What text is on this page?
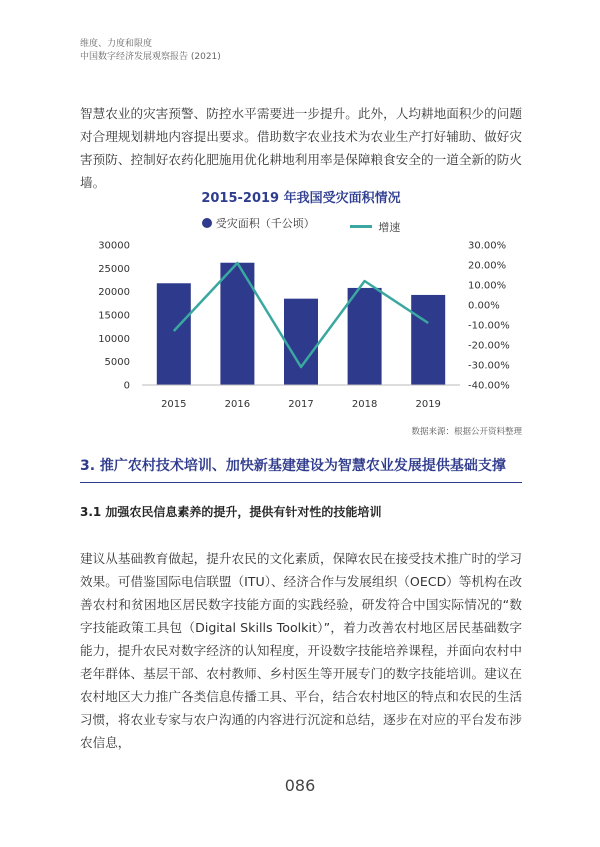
维度、力度和限度
中国数字经济发展观察报告 (2021)
智慧农业的灾害预警、防控水平需要进一步提升。此外，人均耕地面积少的问题对合理规划耕地内容提出要求。借助数字农业技术为农业生产打好辅助、做好灾害预防、控制好农药化肥施用优化耕地利用率是保障粮食安全的一道全新的防火墙。
0
5000
10000
15000
20000
25000
30000
-40.00%
-30.00%
-20.00%
-10.00%
0.00%
10.00%
20.00%
30.00%
2015	2016	2017	2018	2019
2015-2019 年我国受灾面积情况
受灾面积（千公顷）
	增速
数据来源：根据公开资料整理
3. 推广农村技术培训、加快新基建建设为智慧农业发展提供基础支撑
3.1 加强农民信息素养的提升，提供有针对性的技能培训
建议从基础教育做起，提升农民的文化素质，保障农民在接受技术推广时的学习效果。可借鉴国际电信联盟（ITU）、经济合作与发展组织（OECD）等机构在改善农村和贫困地区居民数字技能方面的实践经验，研发符合中国实际情况的“数字技能政策工具包（Digital Skills Toolkit）”，着力改善农村地区居民基础数字能力，提升农民对数字经济的认知程度，开设数字技能培养课程，并面向农村中老年群体、基层干部、农村教师、乡村医生等开展专门的数字技能培训。建议在农村地区大力推广各类信息传播工具、平台，结合农村地区的特点和农民的生活习惯，将农业专家与农户沟通的内容进行沉淀和总结，逐步在对应的平台发布涉农信息，
086
